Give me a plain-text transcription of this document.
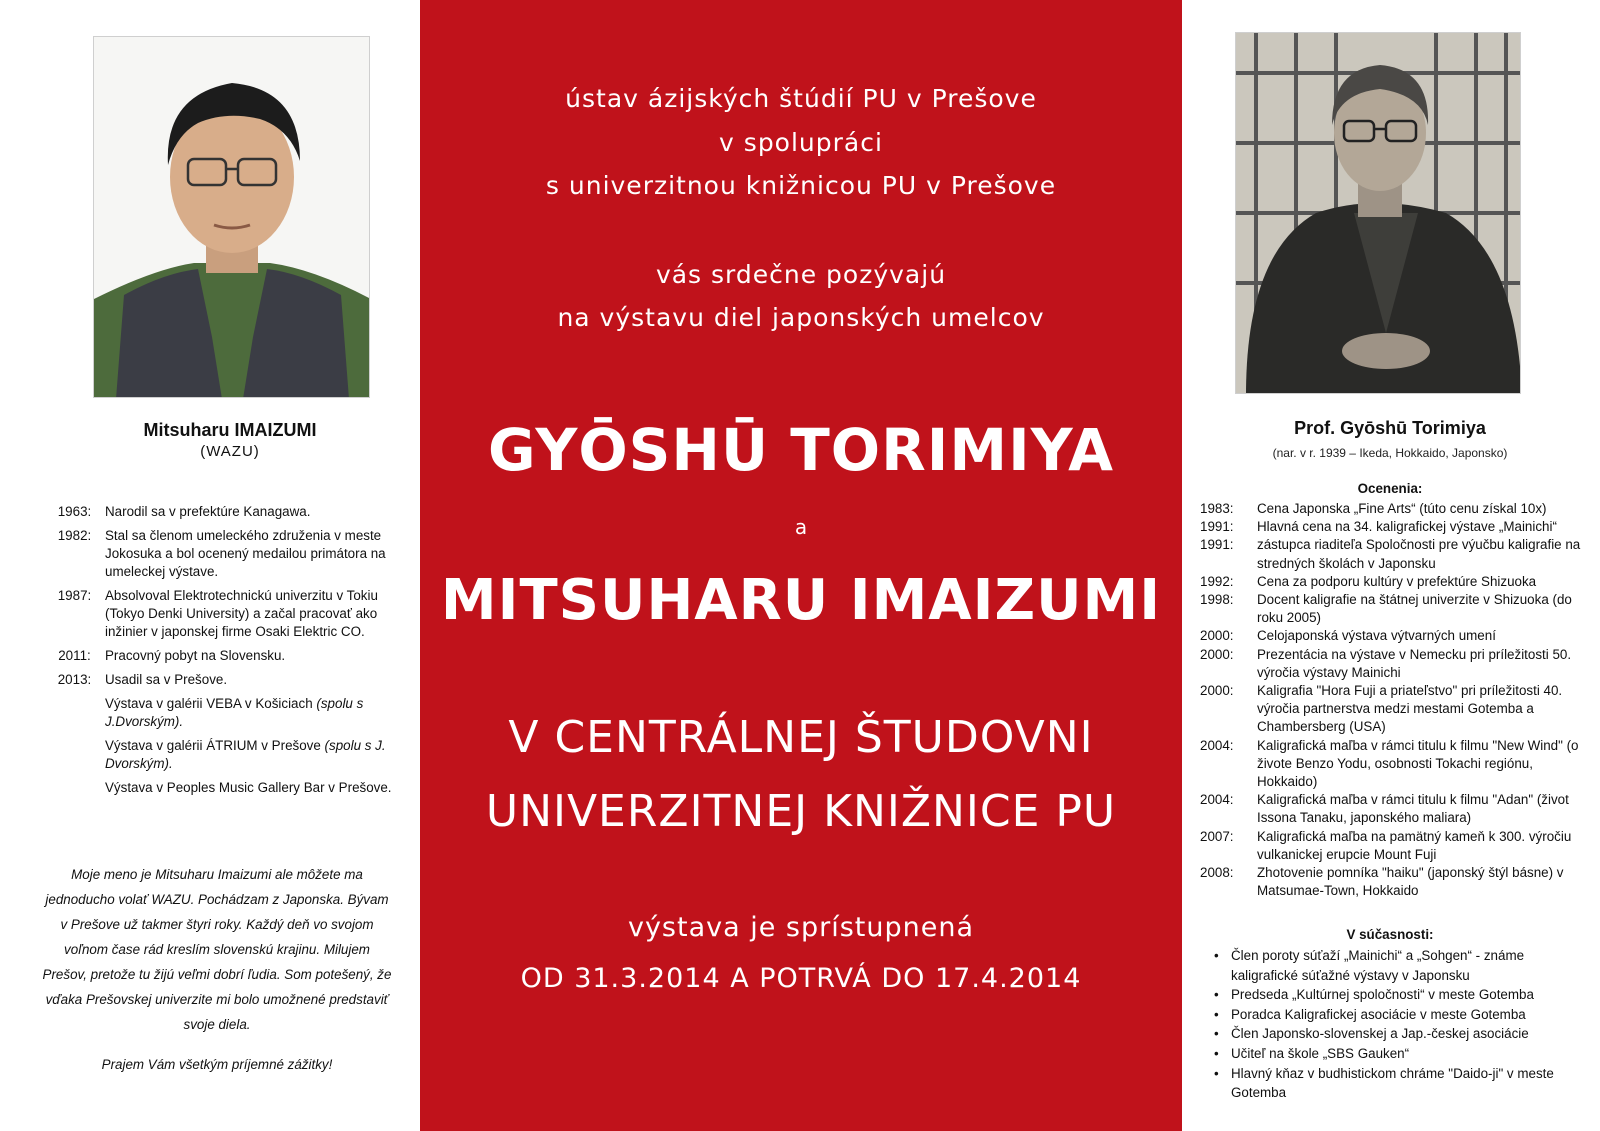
Mitsuharu IMAIZUMI
(WAZU)
1963:	Narodil sa v prefektúre Kanagawa.
1982:	Stal sa členom umeleckého združenia v meste Jokosuka a bol ocenený medailou primátora na umeleckej výstave.
1987:	Absolvoval Elektrotechnickú univerzitu v Tokiu (Tokyo Denki University) a začal pracovať ako inžinier v japonskej firme Osaki Elektric CO.
2011:	Pracovný pobyt na Slovensku.
2013:	Usadil sa v Prešove.
Výstava v galérii VEBA v Košiciach (spolu s J.Dvorským).
Výstava v galérii ÁTRIUM v Prešove (spolu s J. Dvorským).
Výstava v Peoples Music Gallery Bar v Prešove.

Moje meno je Mitsuharu Imaizumi ale môžete ma jednoducho volať WAZU. Pochádzam z Japonska. Bývam v Prešove už takmer štyri roky. Každý deň vo svojom voľnom čase rád kreslím slovenskú krajinu. Milujem Prešov, pretože tu žijú veľmi dobrí ľudia. Som potešený, že vďaka Prešovskej univerzite mi bolo umožnené predstaviť svoje diela.

Prajem Vám všetkým príjemné zážitky!

ústav ázijských štúdií PU v Prešove
v spolupráci
s univerzitnou knižnicou PU v Prešove
vás srdečne pozývajú
na výstavu diel japonských umelcov
GYŌSHŪ TORIMIYA
a
MITSUHARU IMAIZUMI
V CENTRÁLNEJ ŠTUDOVNI
UNIVERZITNEJ KNIŽNICE PU
výstava je sprístupnená
OD 31.3.2014 A POTRVÁ DO 17.4.2014
Prof. Gyōshū Torimiya
(nar. v r. 1939 – Ikeda, Hokkaido, Japonsko)
Ocenenia:
1983:	Cena Japonska „Fine Arts“ (túto cenu získal 10x)
1991:	Hlavná cena na 34. kaligrafickej výstave „Mainichi“
1991:	zástupca riaditeľa Spoločnosti pre výučbu kaligrafie na stredných školách v Japonsku
1992:	Cena za podporu kultúry v prefektúre Shizuoka
1998:	Docent kaligrafie na štátnej univerzite v Shizuoka (do roku 2005)
2000:	Celojaponská výstava výtvarných umení
2000:	Prezentácia na výstave v Nemecku pri príležitosti 50. výročia výstavy Mainichi
2000:	Kaligrafia "Hora Fuji a priateľstvo" pri príležitosti 40. výročia partnerstva medzi mestami Gotemba a Chambersberg (USA)
2004:	Kaligrafická maľba v rámci titulu k filmu "New Wind" (o živote Benzo Yodu, osobnosti Tokachi regiónu, Hokkaido)
2004:	Kaligrafická maľba v rámci titulu k filmu "Adan" (život Issona Tanaku, japonského maliara)
2007:	Kaligrafická maľba na pamätný kameň k 300. výročiu vulkanickej erupcie Mount Fuji
2008:	Zhotovenie pomníka "haiku" (japonský štýl básne) v Matsumae-Town, Hokkaido
V súčasnosti:
• Člen poroty súťaží „Mainichi“ a „Sohgen“ - známe kaligrafické súťažné výstavy v Japonsku
• Predseda „Kultúrnej spoločnosti“ v meste Gotemba
• Poradca Kaligrafickej asociácie v meste Gotemba
• Člen Japonsko-slovenskej a Jap.-českej asociácie
• Učiteľ na škole „SBS Gauken“
• Hlavný kňaz v budhistickom chráme "Daido-ji" v meste Gotemba
